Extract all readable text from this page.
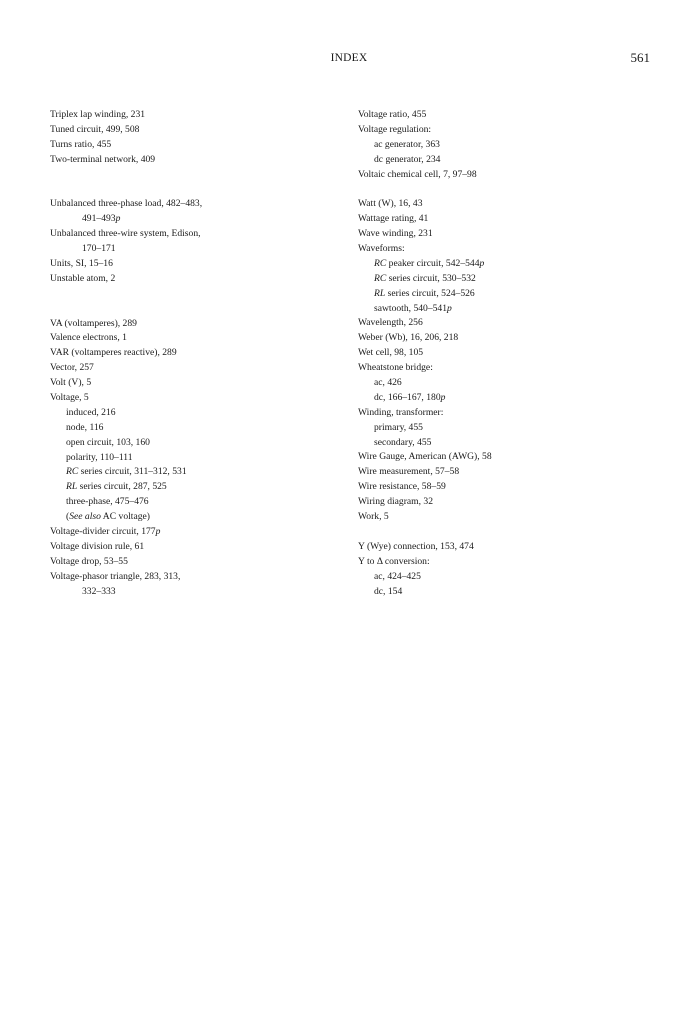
INDEX	561
Triplex lap winding, 231
Tuned circuit, 499, 508
Turns ratio, 455
Two-terminal network, 409
Unbalanced three-phase load, 482–483,
491–493p
Unbalanced three-wire system, Edison,
170–171
Units, SI, 15–16
Unstable atom, 2
VA (voltamperes), 289
Valence electrons, 1
VAR (voltamperes reactive), 289
Vector, 257
Volt (V), 5
Voltage, 5
induced, 216
node, 116
open circuit, 103, 160
polarity, 110–111
RC series circuit, 311–312, 531
RL series circuit, 287, 525
three-phase, 475–476
(See also AC voltage)
Voltage-divider circuit, 177p
Voltage division rule, 61
Voltage drop, 53–55
Voltage-phasor triangle, 283, 313,
332–333
Voltage ratio, 455
Voltage regulation:
ac generator, 363
dc generator, 234
Voltaic chemical cell, 7, 97–98
Watt (W), 16, 43
Wattage rating, 41
Wave winding, 231
Waveforms:
RC peaker circuit, 542–544p
RC series circuit, 530–532
RL series circuit, 524–526
sawtooth, 540–541p
Wavelength, 256
Weber (Wb), 16, 206, 218
Wet cell, 98, 105
Wheatstone bridge:
ac, 426
dc, 166–167, 180p
Winding, transformer:
primary, 455
secondary, 455
Wire Gauge, American (AWG), 58
Wire measurement, 57–58
Wire resistance, 58–59
Wiring diagram, 32
Work, 5
Y (Wye) connection, 153, 474
Y to Δ conversion:
ac, 424–425
dc, 154
